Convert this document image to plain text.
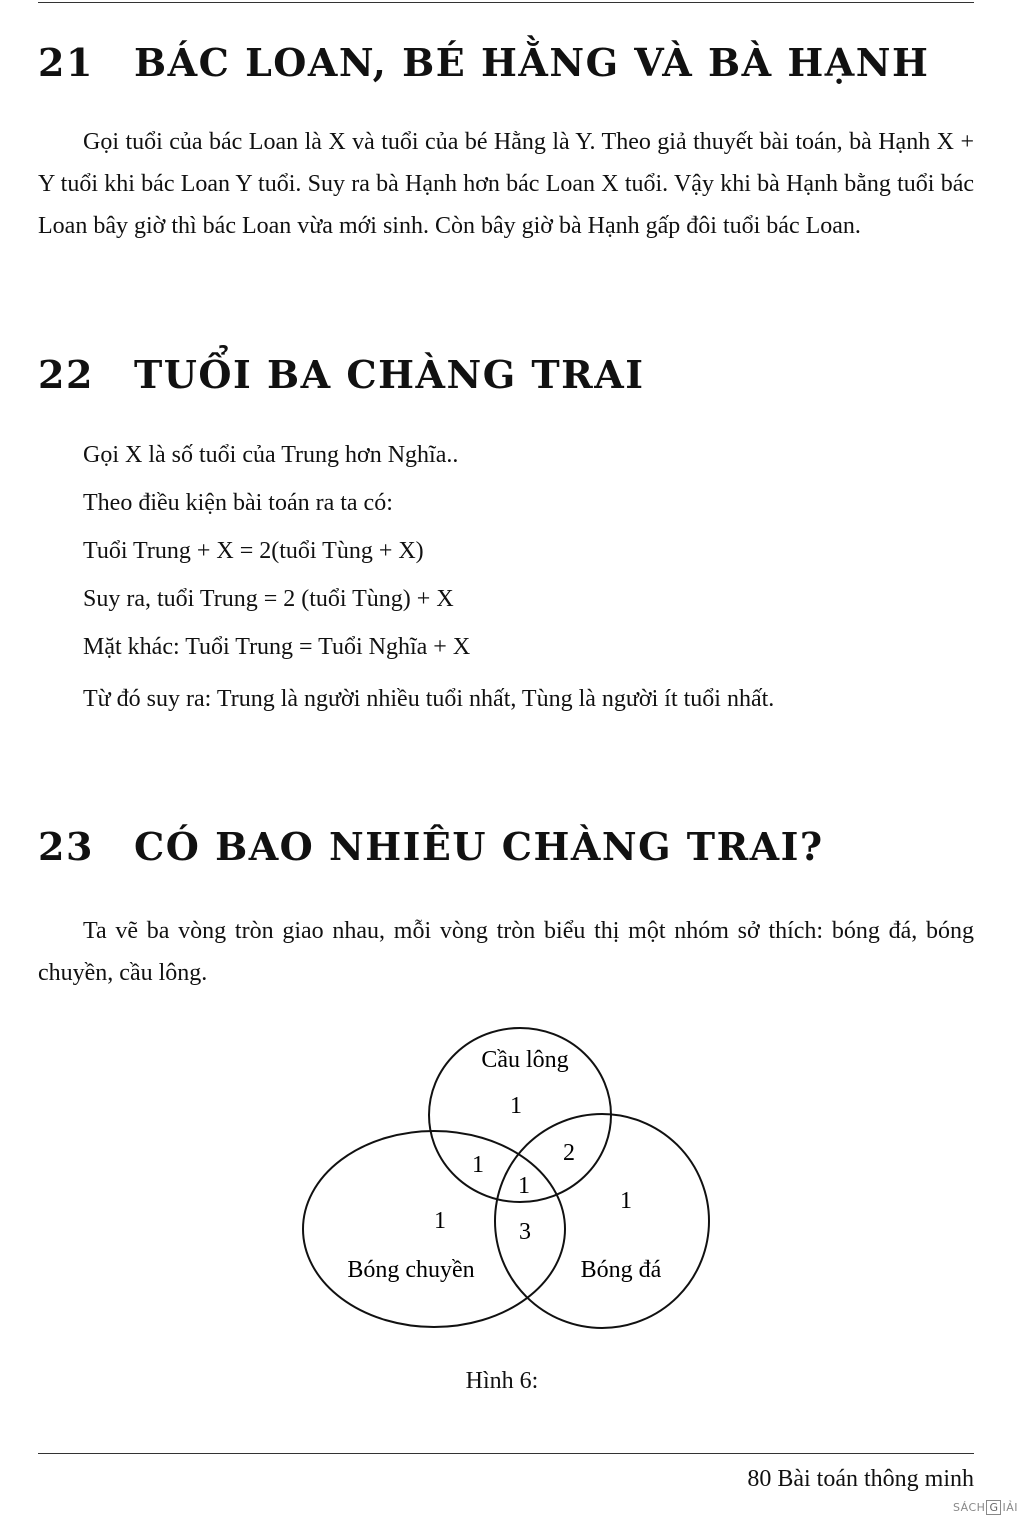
21 BÁC LOAN, BÉ HẰNG VÀ BÀ HẠNH

Gọi tuổi của bác Loan là X và tuổi của bé Hằng là Y. Theo giả thuyết bài toán, bà Hạnh X + Y tuổi khi bác Loan Y tuổi. Suy ra bà Hạnh hơn bác Loan X tuổi. Vậy khi bà Hạnh bằng tuổi bác Loan bây giờ thì bác Loan vừa mới sinh. Còn bây giờ bà Hạnh gấp đôi tuổi bác Loan.

22 TUỔI BA CHÀNG TRAI

Gọi X là số tuổi của Trung hơn Nghĩa..

Theo điều kiện bài toán ra ta có:

Tuổi Trung + X = 2(tuổi Tùng + X)

Suy ra, tuổi Trung = 2 (tuổi Tùng) + X

Mặt khác: Tuổi Trung = Tuổi Nghĩa + X

Từ đó suy ra: Trung là người nhiều tuổi nhất, Tùng là người ít tuổi nhất.

23 CÓ BAO NHIÊU CHÀNG TRAI?

Ta vẽ ba vòng tròn giao nhau, mỗi vòng tròn biểu thị một nhóm sở thích: bóng đá, bóng chuyền, cầu lông.

Cầu lông
Bóng chuyền	Bóng đá
1
1	2
1
3
1
1
Hình 6:
80 Bài toán thông minh
SÁCH G IẢI
